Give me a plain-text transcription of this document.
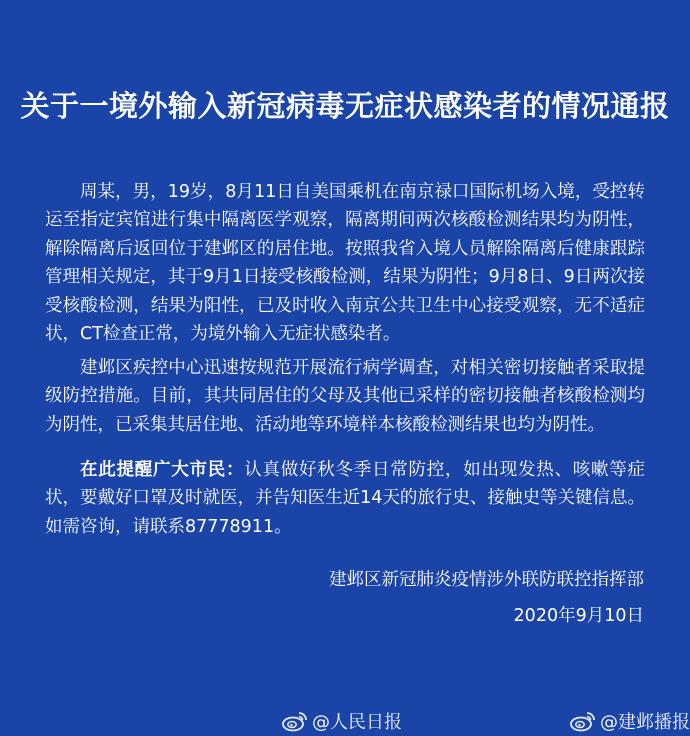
关于一境外输入新冠病毒无症状感染者的情况通报
周某，男，19岁，8月11日自美国乘机在南京禄口国际机场入境，受控转运至指定宾馆进行集中隔离医学观察，隔离期间两次核酸检测结果均为阴性，解除隔离后返回位于建邺区的居住地。按照我省入境人员解除隔离后健康跟踪管理相关规定，其于9月1日接受核酸检测，结果为阴性；9月8日、9日两次接受核酸检测，结果为阳性，已及时收入南京公共卫生中心接受观察，无不适症状，CT检查正常，为境外输入无症状感染者。
建邺区疾控中心迅速按规范开展流行病学调查，对相关密切接触者采取提级防控措施。目前，其共同居住的父母及其他已采样的密切接触者核酸检测均为阴性，已采集其居住地、活动地等环境样本核酸检测结果也均为阴性。
在此提醒广大市民：认真做好秋冬季日常防控，如出现发热、咳嗽等症状，要戴好口罩及时就医，并告知医生近14天的旅行史、接触史等关键信息。如需咨询，请联系87778911。
建邺区新冠肺炎疫情涉外联防联控指挥部
2020年9月10日
@人民日报	@建邺播报
